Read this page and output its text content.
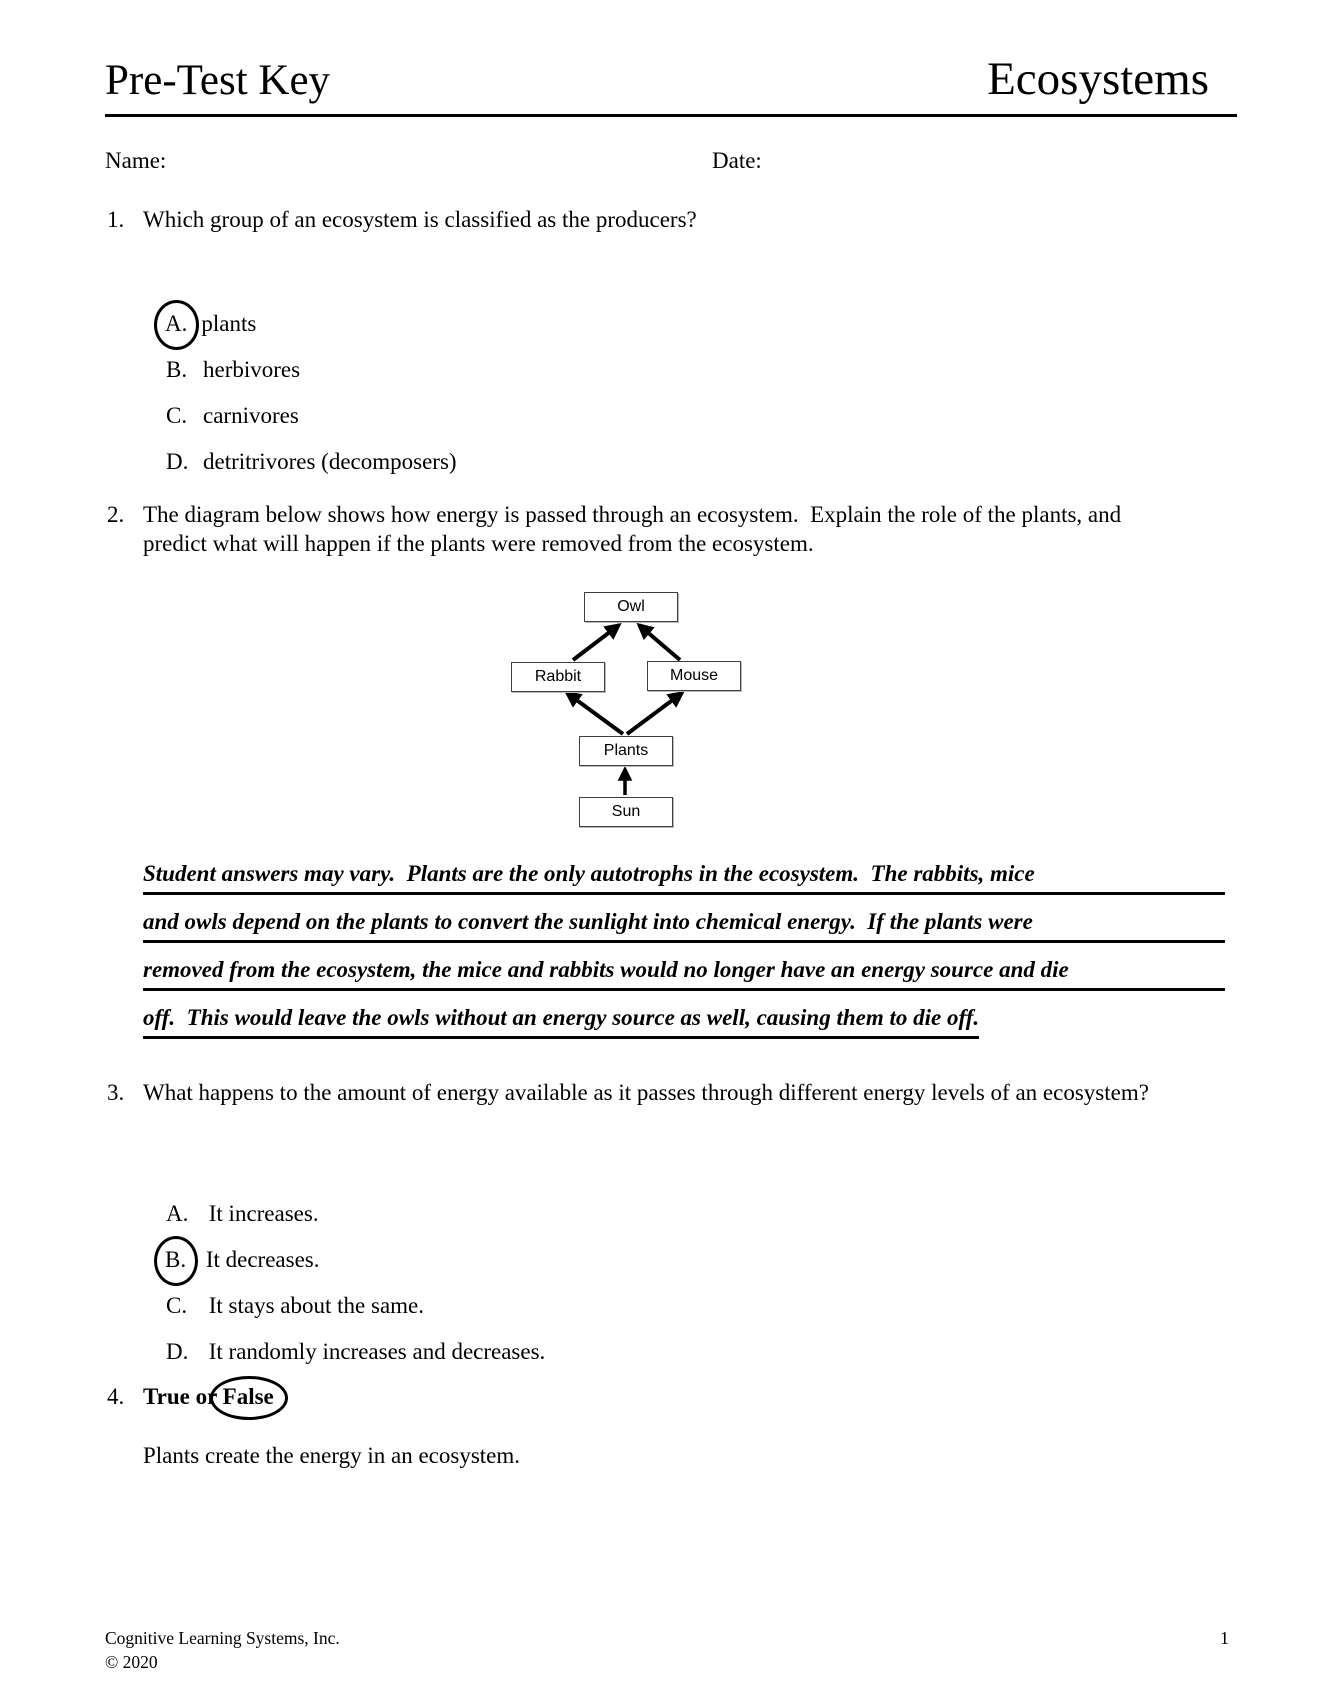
Pre-Test Key	Ecosystems
Name:	Date:
1. Which group of an ecosystem is classified as the producers?

A. plants

B. herbivores

C. carnivores

D. detritrivores (decomposers)

2. The diagram below shows how energy is passed through an ecosystem.  Explain the role of the plants, and predict what will happen if the plants were removed from the ecosystem.
Owl
Rabbit	Mouse
Plants
Sun
Student answers may vary.  Plants are the only autotrophs in the ecosystem.  The rabbits, mice
and owls depend on the plants to convert the sunlight into chemical energy.  If the plants were
removed from the ecosystem, the mice and rabbits would no longer have an energy source and die
off.  This would leave the owls without an energy source as well, causing them to die off.
3. What happens to the amount of energy available as it passes through different energy levels of an ecosystem?

A. It increases.

B. It decreases.

C. It stays about the same.

D. It randomly increases and decreases.

4. True or False
Plants create the energy in an ecosystem.
Cognitive Learning Systems, Inc.
© 2020
1
